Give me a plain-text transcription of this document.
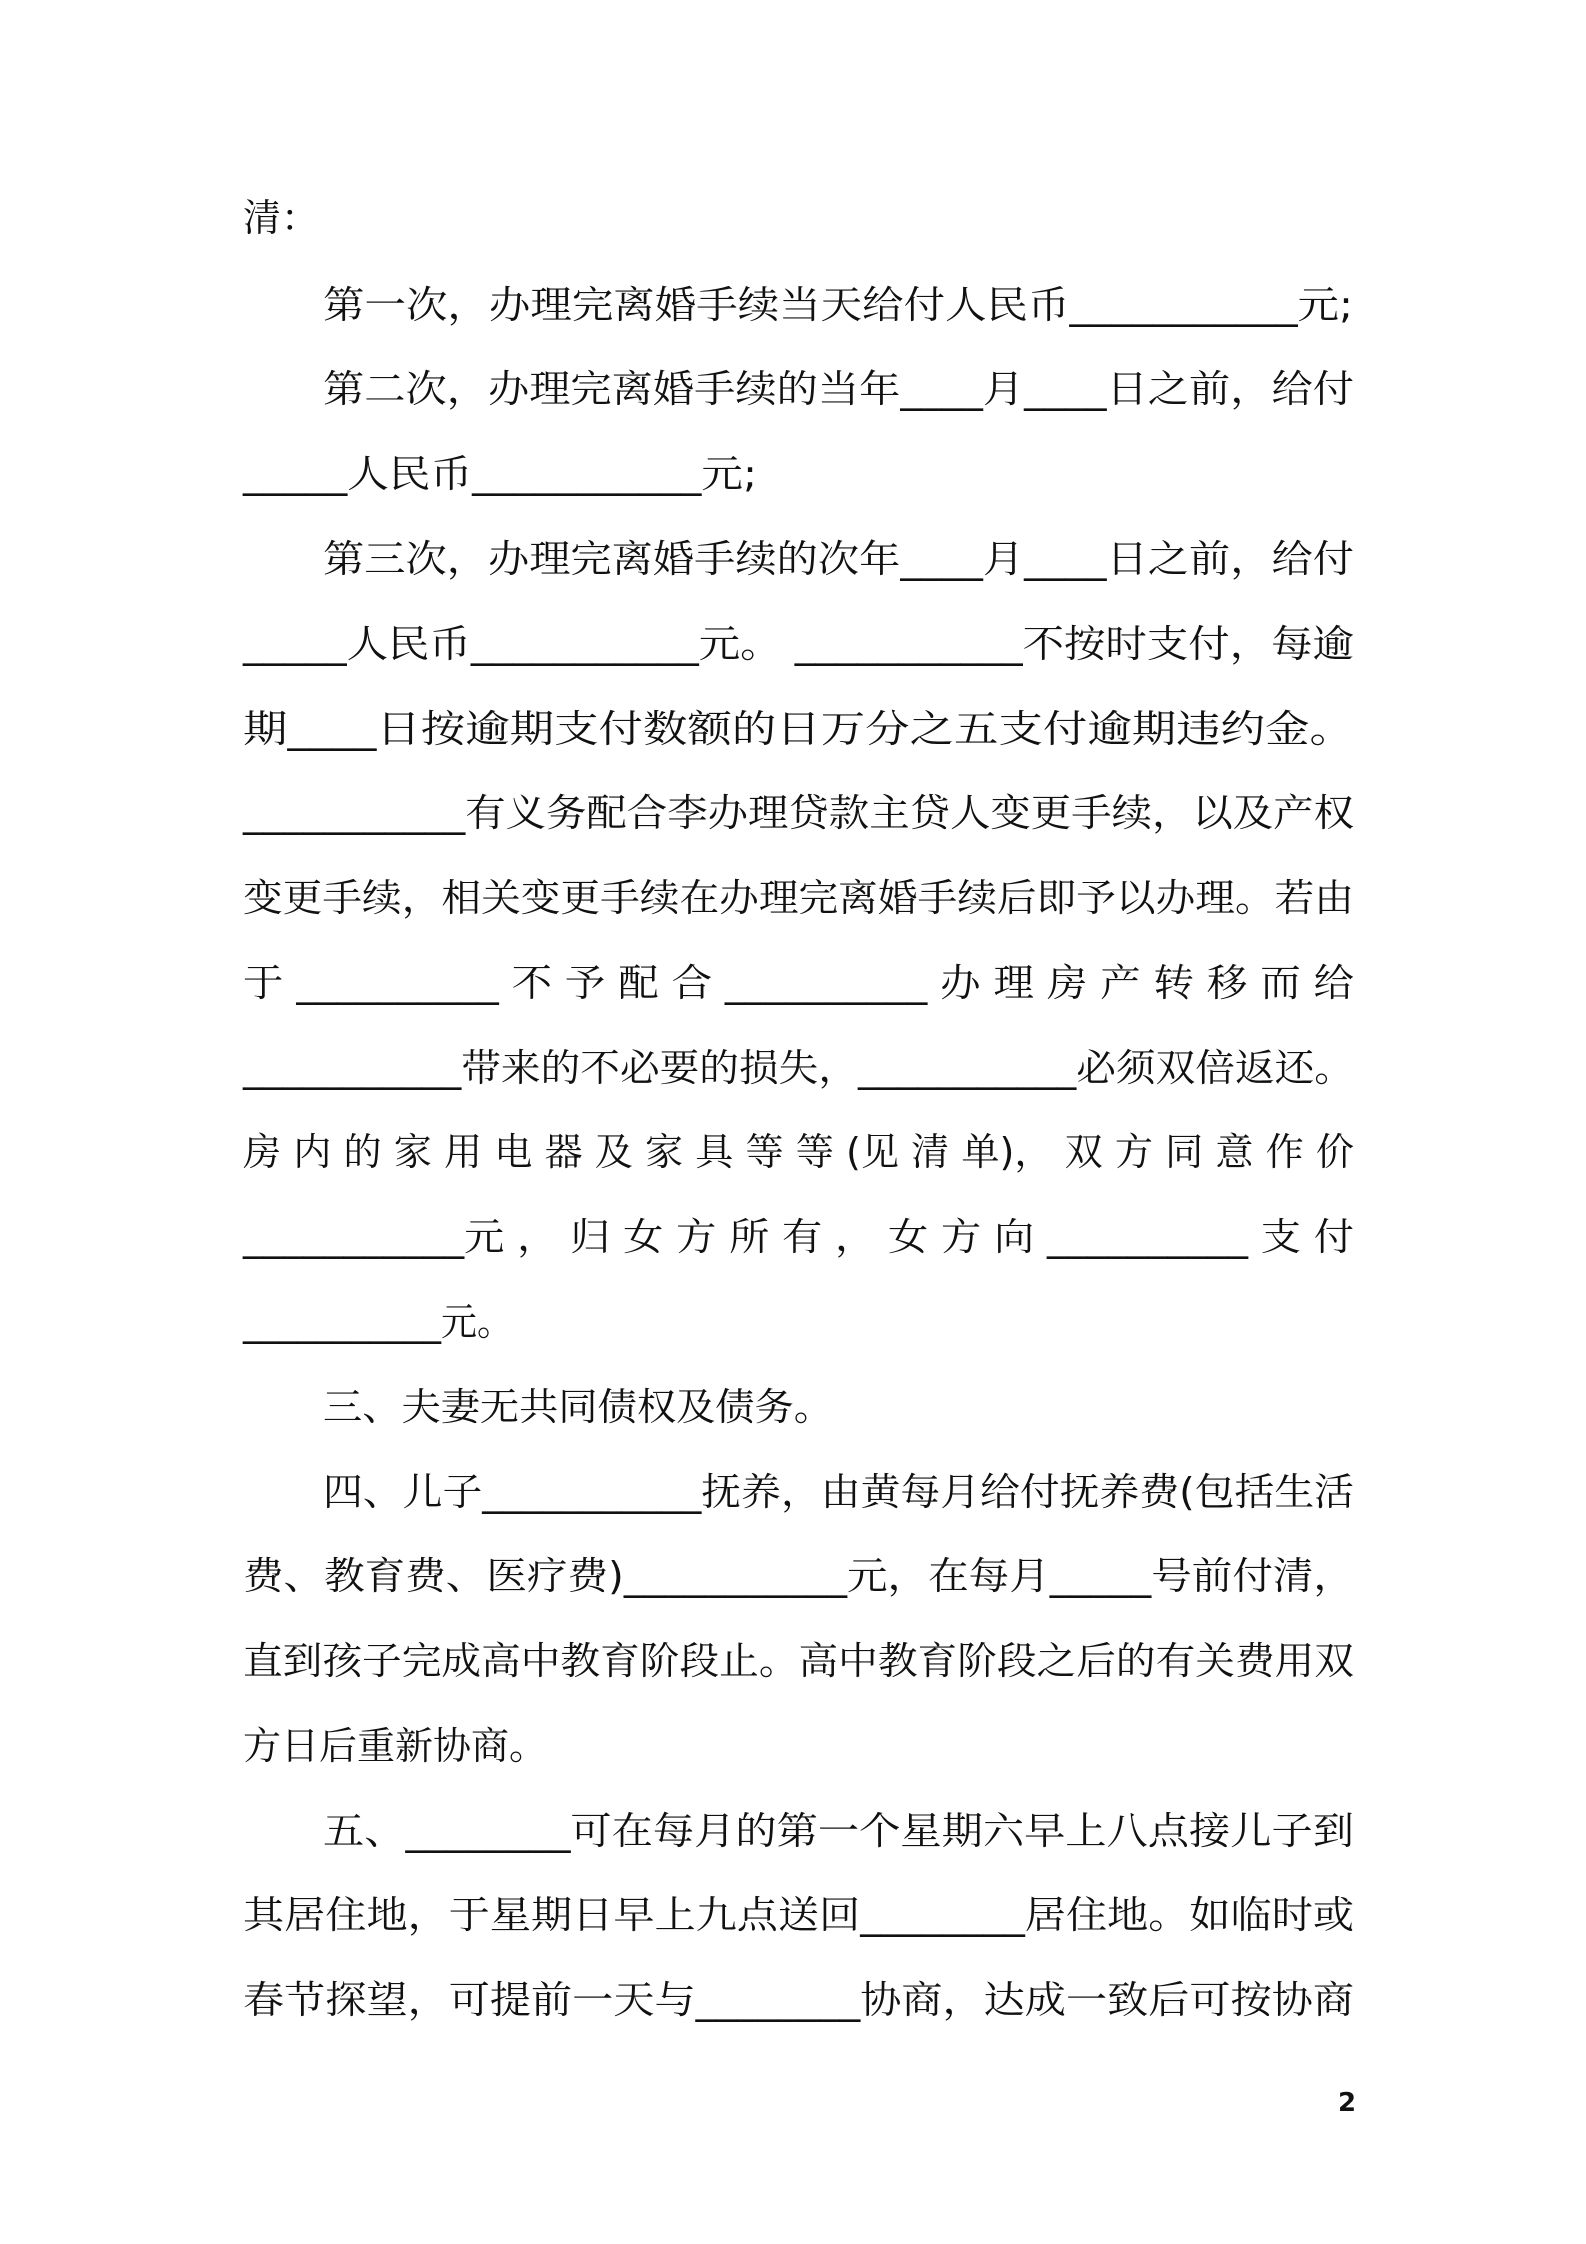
清：
第一次，办理完离婚手续当天给付人民币___________元;
第二次，办理完离婚手续的当年____月____日之前，给付
_____人民币___________元;
第三次，办理完离婚手续的次年____月____日之前，给付
_____人民币___________元。 ___________不按时支付，每逾
期____日按逾期支付数额的日万分之五支付逾期违约金。
___________有义务配合李办理贷款主贷人变更手续，以及产权
变更手续，相关变更手续在办理完离婚手续后即予以办理。若由
于 __________ 不 予 配 合 __________ 办 理 房 产 转 移 而 给
___________带来的不必要的损失，___________必须双倍返还。
房 内 的 家 用 电 器 及 家 具 等 等 (见 清 单)， 双 方 同 意 作 价
___________元 ， 归 女 方 所 有 ， 女 方 向 __________ 支 付
___________元。
三、夫妻无共同债权及债务。
四、儿子___________抚养，由黄每月给付抚养费(包括生活
费、教育费、医疗费)___________元，在每月_____号前付清，
直到孩子完成高中教育阶段止。高中教育阶段之后的有关费用双
方日后重新协商。
五、________可在每月的第一个星期六早上八点接儿子到
其居住地，于星期日早上九点送回________居住地。如临时或
春节探望，可提前一天与________协商，达成一致后可按协商
2
